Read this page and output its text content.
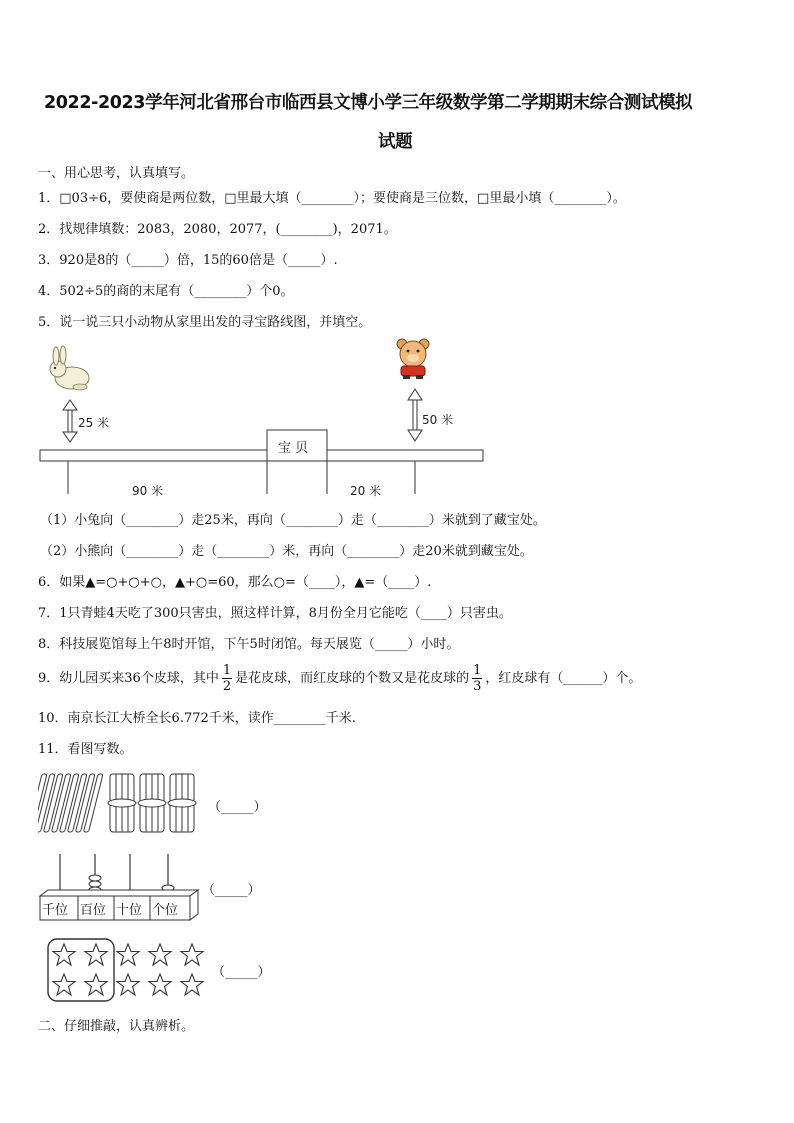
2022-2023学年河北省邢台市临西县文博小学三年级数学第二学期期末综合测试模拟
试题
一、用心思考，认真填写。
1．□03÷6，要使商是两位数，□里最大填（________）；要使商是三位数，□里最小填（________）。
2．找规律填数：2083，2080，2077，(________)，2071。
3．920是8的（_____）倍，15的60倍是（_____）.
4．502÷5的商的末尾有（________）个0。
5．说一说三只小动物从家里出发的寻宝路线图，并填空。
25 米	50 米
宝 贝
90 米	20 米
（1）小兔向（________）走25米，再向（________）走（________）米就到了藏宝处。
（2）小熊向（________）走（________）米，再向（________）走20米就到藏宝处。
6．如果▲=○+○+○，▲+○=60，那么○=（____），▲=（____）.
7．1只青蛙4天吃了300只害虫，照这样计算，8月份全月它能吃（____）只害虫。
8．科技展览馆每上午8时开馆，下午5时闭馆。每天展览（_____）小时。
9．幼儿园买来36个皮球，其中 $\frac{1}{2}$ 是花皮球，而红皮球的个数又是花皮球的 $\frac{1}{3}$ ，红皮球有（______）个。
10．南京长江大桥全长6.772千米，读作________千米.
11．看图写数。
（_____）
千位 百位 十位 个位
（_____）
（_____）
二、仔细推敲，认真辨析。
